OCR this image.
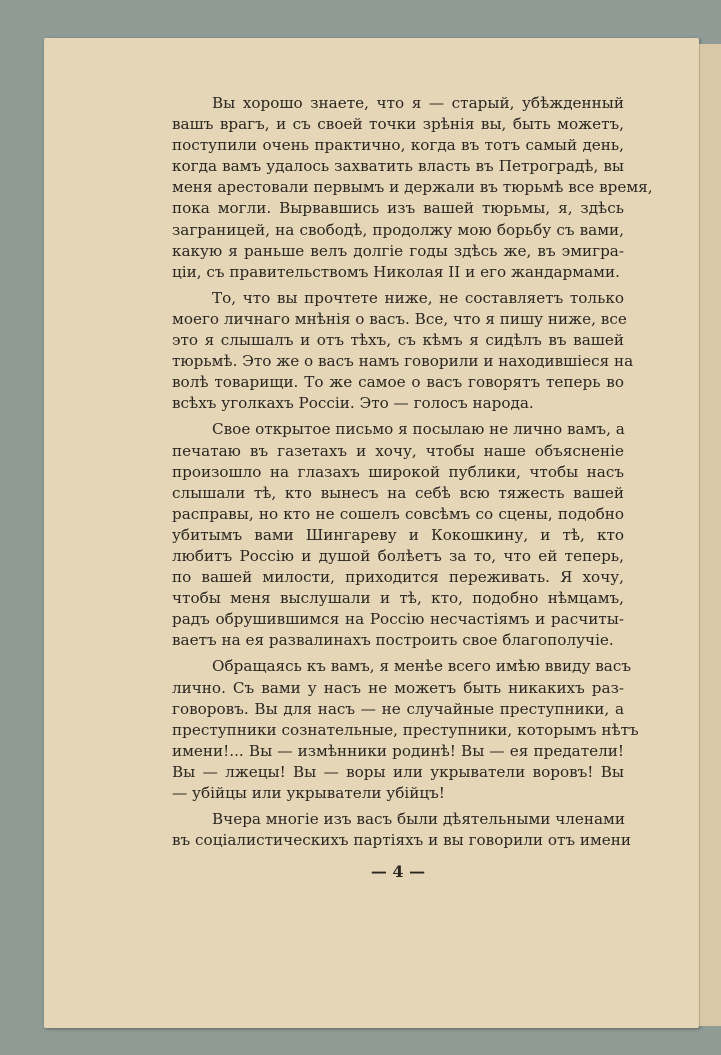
Вы хорошо знаете, что я — старый, убѣжденный
вашъ врагъ, и съ своей точки зрѣнія вы, быть можетъ,
поступили очень практично, когда въ тотъ самый день,
когда вамъ удалось захватить власть въ Петроградѣ, вы
меня арестовали первымъ и держали въ тюрьмѣ все время,
пока могли. Вырвавшись изъ вашей тюрьмы, я, здѣсь
заграницей, на свободѣ, продолжу мою борьбу съ вами,
какую я раньше велъ долгіе годы здѣсь же, въ эмигра-
ціи, съ правительствомъ Николая II и его жандармами.
То, что вы прочтете ниже, не составляетъ только
моего личнаго мнѣнія о васъ. Все, что я пишу ниже, все
это я слышалъ и отъ тѣхъ, съ кѣмъ я сидѣлъ въ вашей
тюрьмѣ. Это же о васъ намъ говорили и находившіеся на
волѣ товарищи. То же самое о васъ говорятъ теперь во
всѣхъ уголкахъ Россіи. Это — голосъ народа.
Свое открытое письмо я посылаю не лично вамъ, а
печатаю въ газетахъ и хочу, чтобы наше объясненіе
произошло на глазахъ широкой публики, чтобы насъ
слышали тѣ, кто вынесъ на себѣ всю тяжесть вашей
расправы, но кто не сошелъ совсѣмъ со сцены, подобно
убитымъ вами Шингареву и Кокошкину, и тѣ, кто
любитъ Россію и душой болѣетъ за то, что ей теперь,
по вашей милости, приходится переживать. Я хочу,
чтобы меня выслушали и тѣ, кто, подобно нѣмцамъ,
радъ обрушившимся на Россію несчастіямъ и расчиты-
ваетъ на ея развалинахъ построить свое благополучіе.
Обращаясь къ вамъ, я менѣе всего имѣю ввиду васъ
лично. Съ вами у насъ не можетъ быть никакихъ раз-
говоровъ. Вы для насъ — не случайные преступники, а
преступники сознательные, преступники, которымъ нѣтъ
имени!... Вы — измѣнники родинѣ! Вы — ея предатели!
Вы — лжецы! Вы — воры или укрыватели воровъ! Вы
— убійцы или укрыватели убійцъ!
Вчера многіе изъ васъ были дѣятельными членами
въ соціалистическихъ партіяхъ и вы говорили отъ имени
— 4 —
